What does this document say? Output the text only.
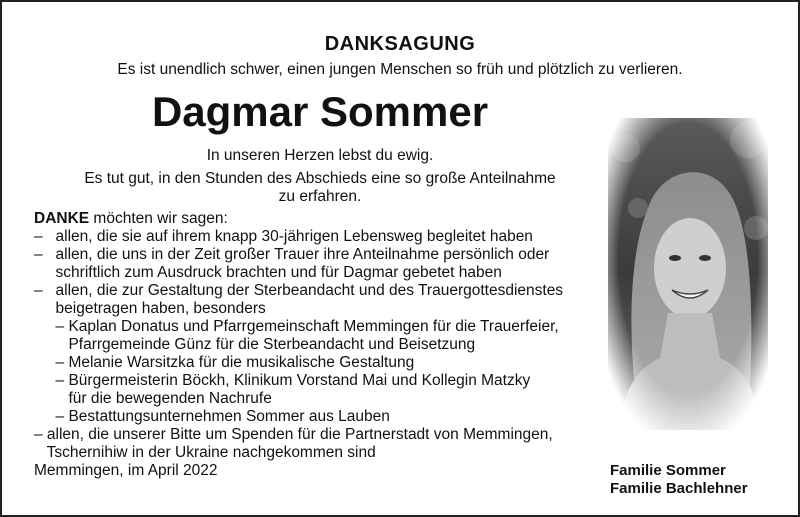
DANKSAGUNG
Es ist unendlich schwer, einen jungen Menschen so früh und plötzlich zu verlieren.
Dagmar Sommer
In unseren Herzen lebst du ewig.
Es tut gut, in den Stunden des Abschieds eine so große Anteilnahme
zu erfahren.
DANKE möchten wir sagen:
–   allen, die sie auf ihrem knapp 30-jährigen Lebensweg begleitet haben
–   allen, die uns in der Zeit großer Trauer ihre Anteilnahme persönlich oder
schriftlich zum Ausdruck brachten und für Dagmar gebetet haben
–   allen, die zur Gestaltung der Sterbeandacht und des Trauergottesdienstes
beigetragen haben, besonders
– Kaplan Donatus und Pfarrgemeinschaft Memmingen für die Trauerfeier,
Pfarrgemeinde Günz für die Sterbeandacht und Beisetzung
– Melanie Warsitzka für die musikalische Gestaltung
– Bürgermeisterin Böckh, Klinikum Vorstand Mai und Kollegin Matzky
für die bewegenden Nachrufe
– Bestattungsunternehmen Sommer aus Lauben
– allen, die unserer Bitte um Spenden für die Partnerstadt von Memmingen,
Tschernihiw in der Ukraine nachgekommen sind
Memmingen, im April 2022	Familie Sommer
Familie Bachlehner
